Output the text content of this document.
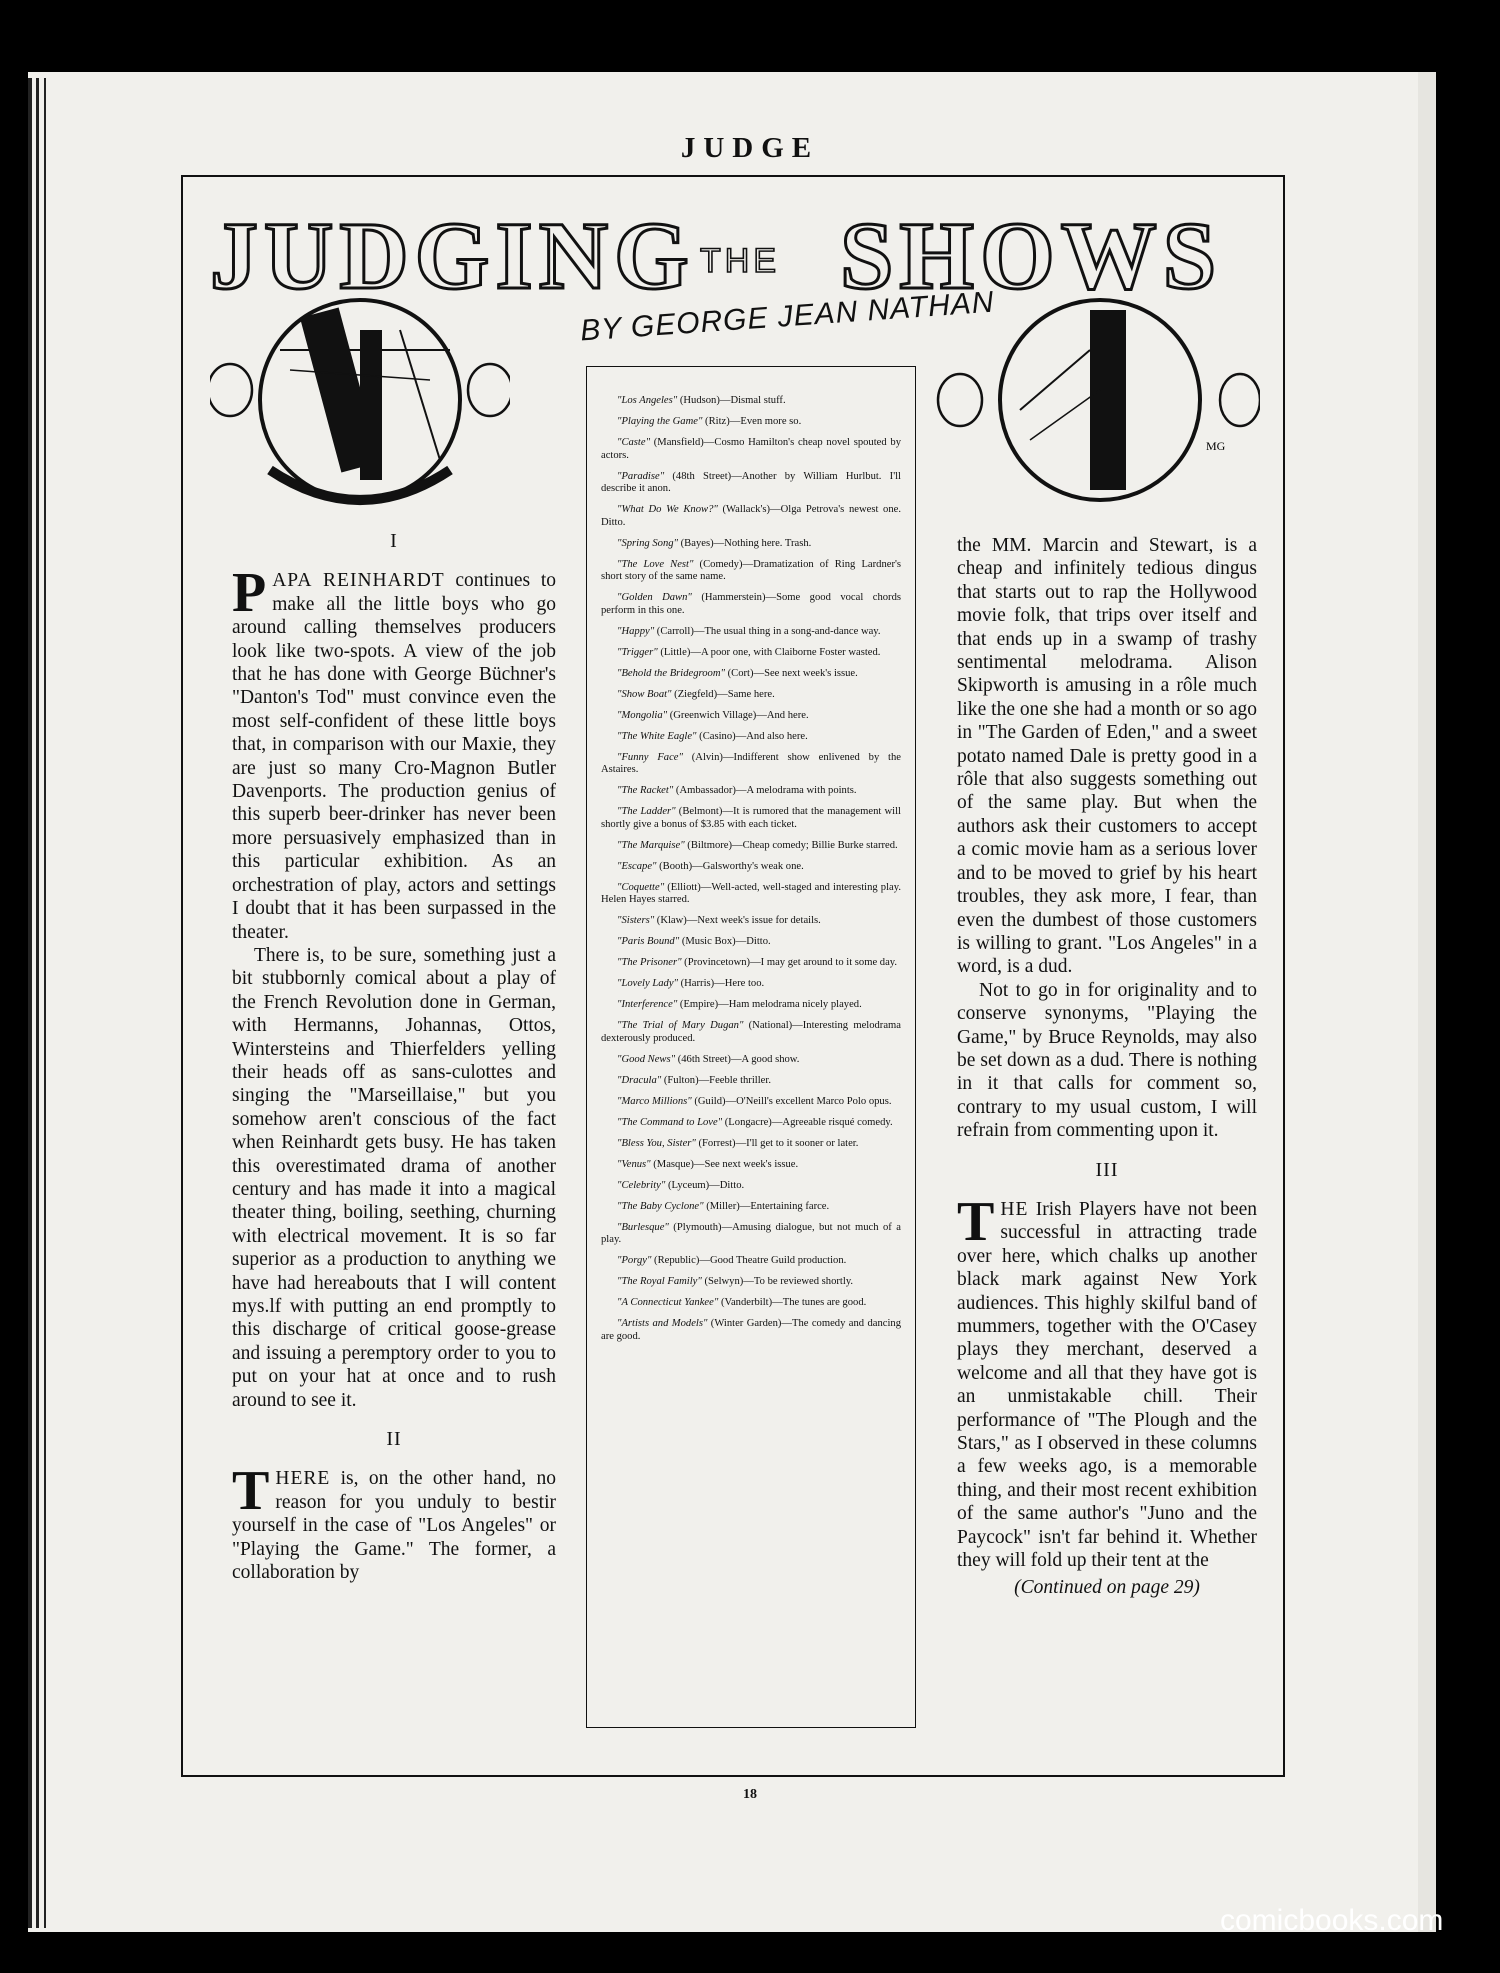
JUDGE
JUDGING THE SHOWS
BY GEORGE JEAN NATHAN
MG
I

PAPA REINHARDT continues to make all the little boys who go around calling themselves producers look like two-spots. A view of the job that he has done with George Büchner's "Danton's Tod" must convince even the most self-confident of these little boys that, in comparison with our Maxie, they are just so many Cro-Magnon Butler Davenports. The production genius of this superb beer-drinker has never been more persuasively emphasized than in this particular exhibition. As an orchestration of play, actors and settings I doubt that it has been surpassed in the theater.

There is, to be sure, something just a bit stubbornly comical about a play of the French Revolution done in German, with Hermanns, Johannas, Ottos, Wintersteins and Thierfelders yelling their heads off as sans-culottes and singing the "Marseillaise," but you somehow aren't conscious of the fact when Reinhardt gets busy. He has taken this overestimated drama of another century and has made it into a magical theater thing, boiling, seething, churning with electrical movement. It is so far superior as a production to anything we have had hereabouts that I will content mys.lf with putting an end promptly to this discharge of critical goose-grease and issuing a peremptory order to you to put on your hat at once and to rush around to see it.

II

THERE is, on the other hand, no reason for you unduly to bestir yourself in the case of "Los Angeles" or "Playing the Game." The former, a collaboration by

"Los Angeles" (Hudson)—Dismal stuff.
"Playing the Game" (Ritz)—Even more so.
"Caste" (Mansfield)—Cosmo Hamilton's cheap novel spouted by actors.
"Paradise" (48th Street)—Another by William Hurlbut. I'll describe it anon.
"What Do We Know?" (Wallack's)—Olga Petrova's newest one. Ditto.
"Spring Song" (Bayes)—Nothing here. Trash.
"The Love Nest" (Comedy)—Dramatization of Ring Lardner's short story of the same name.
"Golden Dawn" (Hammerstein)—Some good vocal chords perform in this one.
"Happy" (Carroll)—The usual thing in a song-and-dance way.
"Trigger" (Little)—A poor one, with Claiborne Foster wasted.
"Behold the Bridegroom" (Cort)—See next week's issue.
"Show Boat" (Ziegfeld)—Same here.
"Mongolia" (Greenwich Village)—And here.
"The White Eagle" (Casino)—And also here.
"Funny Face" (Alvin)—Indifferent show enlivened by the Astaires.
"The Racket" (Ambassador)—A melodrama with points.
"The Ladder" (Belmont)—It is rumored that the management will shortly give a bonus of $3.85 with each ticket.
"The Marquise" (Biltmore)—Cheap comedy; Billie Burke starred.
"Escape" (Booth)—Galsworthy's weak one.
"Coquette" (Elliott)—Well-acted, well-staged and interesting play. Helen Hayes starred.
"Sisters" (Klaw)—Next week's issue for details.
"Paris Bound" (Music Box)—Ditto.
"The Prisoner" (Provincetown)—I may get around to it some day.
"Lovely Lady" (Harris)—Here too.
"Interference" (Empire)—Ham melodrama nicely played.
"The Trial of Mary Dugan" (National)—Interesting melodrama dexterously produced.
"Good News" (46th Street)—A good show.
"Dracula" (Fulton)—Feeble thriller.
"Marco Millions" (Guild)—O'Neill's excellent Marco Polo opus.
"The Command to Love" (Longacre)—Agreeable risqué comedy.
"Bless You, Sister" (Forrest)—I'll get to it sooner or later.
"Venus" (Masque)—See next week's issue.
"Celebrity" (Lyceum)—Ditto.
"The Baby Cyclone" (Miller)—Entertaining farce.
"Burlesque" (Plymouth)—Amusing dialogue, but not much of a play.
"Porgy" (Republic)—Good Theatre Guild production.
"The Royal Family" (Selwyn)—To be reviewed shortly.
"A Connecticut Yankee" (Vanderbilt)—The tunes are good.
"Artists and Models" (Winter Garden)—The comedy and dancing are good.

the MM. Marcin and Stewart, is a cheap and infinitely tedious dingus that starts out to rap the Hollywood movie folk, that trips over itself and that ends up in a swamp of trashy sentimental melodrama. Alison Skipworth is amusing in a rôle much like the one she had a month or so ago in "The Garden of Eden," and a sweet potato named Dale is pretty good in a rôle that also suggests something out of the same play. But when the authors ask their customers to accept a comic movie ham as a serious lover and to be moved to grief by his heart troubles, they ask more, I fear, than even the dumbest of those customers is willing to grant. "Los Angeles" in a word, is a dud.

Not to go in for originality and to conserve synonyms, "Playing the Game," by Bruce Reynolds, may also be set down as a dud. There is nothing in it that calls for comment so, contrary to my usual custom, I will refrain from commenting upon it.

III

THE Irish Players have not been successful in attracting trade over here, which chalks up another black mark against New York audiences. This highly skilful band of mummers, together with the O'Casey plays they merchant, deserved a welcome and all that they have got is an unmistakable chill. Their performance of "The Plough and the Stars," as I observed in these columns a few weeks ago, is a memorable thing, and their most recent exhibition of the same author's "Juno and the Paycock" isn't far behind it. Whether they will fold up their tent at the

(Continued on page 29)
18
comicbooks.com
